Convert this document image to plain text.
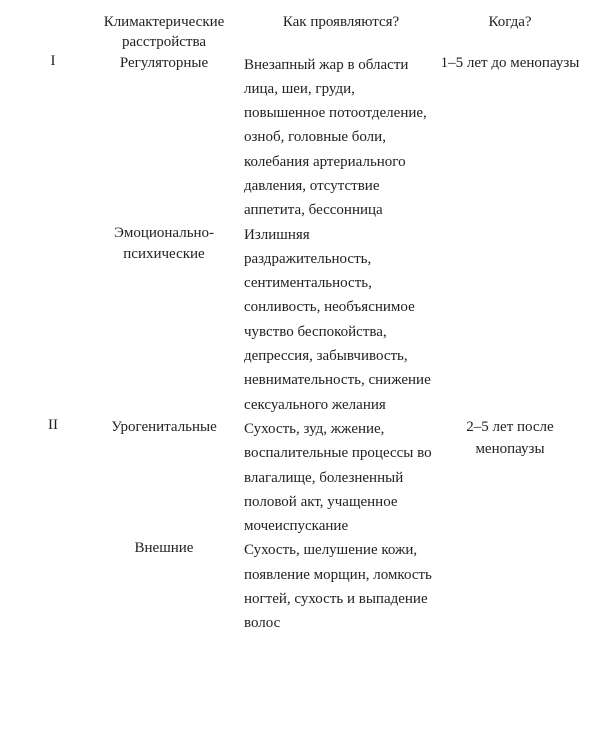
	Климактерические расстройства	Как проявляются?	Когда?

I	Регуляторные	Внезапный жар в области лица, шеи, груди, повышенное потоотделение, озноб, головные боли, колебания артериального давления, отсутствие аппетита, бессонница	1–5 лет до менопаузы

	Эмоционально-психические	Излишняя раздражительность, сентиментальность, сонливость, необъяснимое чувство беспокойства, депрессия, забывчивость, невнимательность, снижение сексуального желания	

II	Урогенитальные	Сухость, зуд, жжение, воспалительные процессы во влагалище, болезненный половой акт, учащенное мочеиспускание	2–5 лет после менопаузы

	Внешние	Сухость, шелушение кожи, появление морщин, ломкость ногтей, сухость и выпадение волос	
